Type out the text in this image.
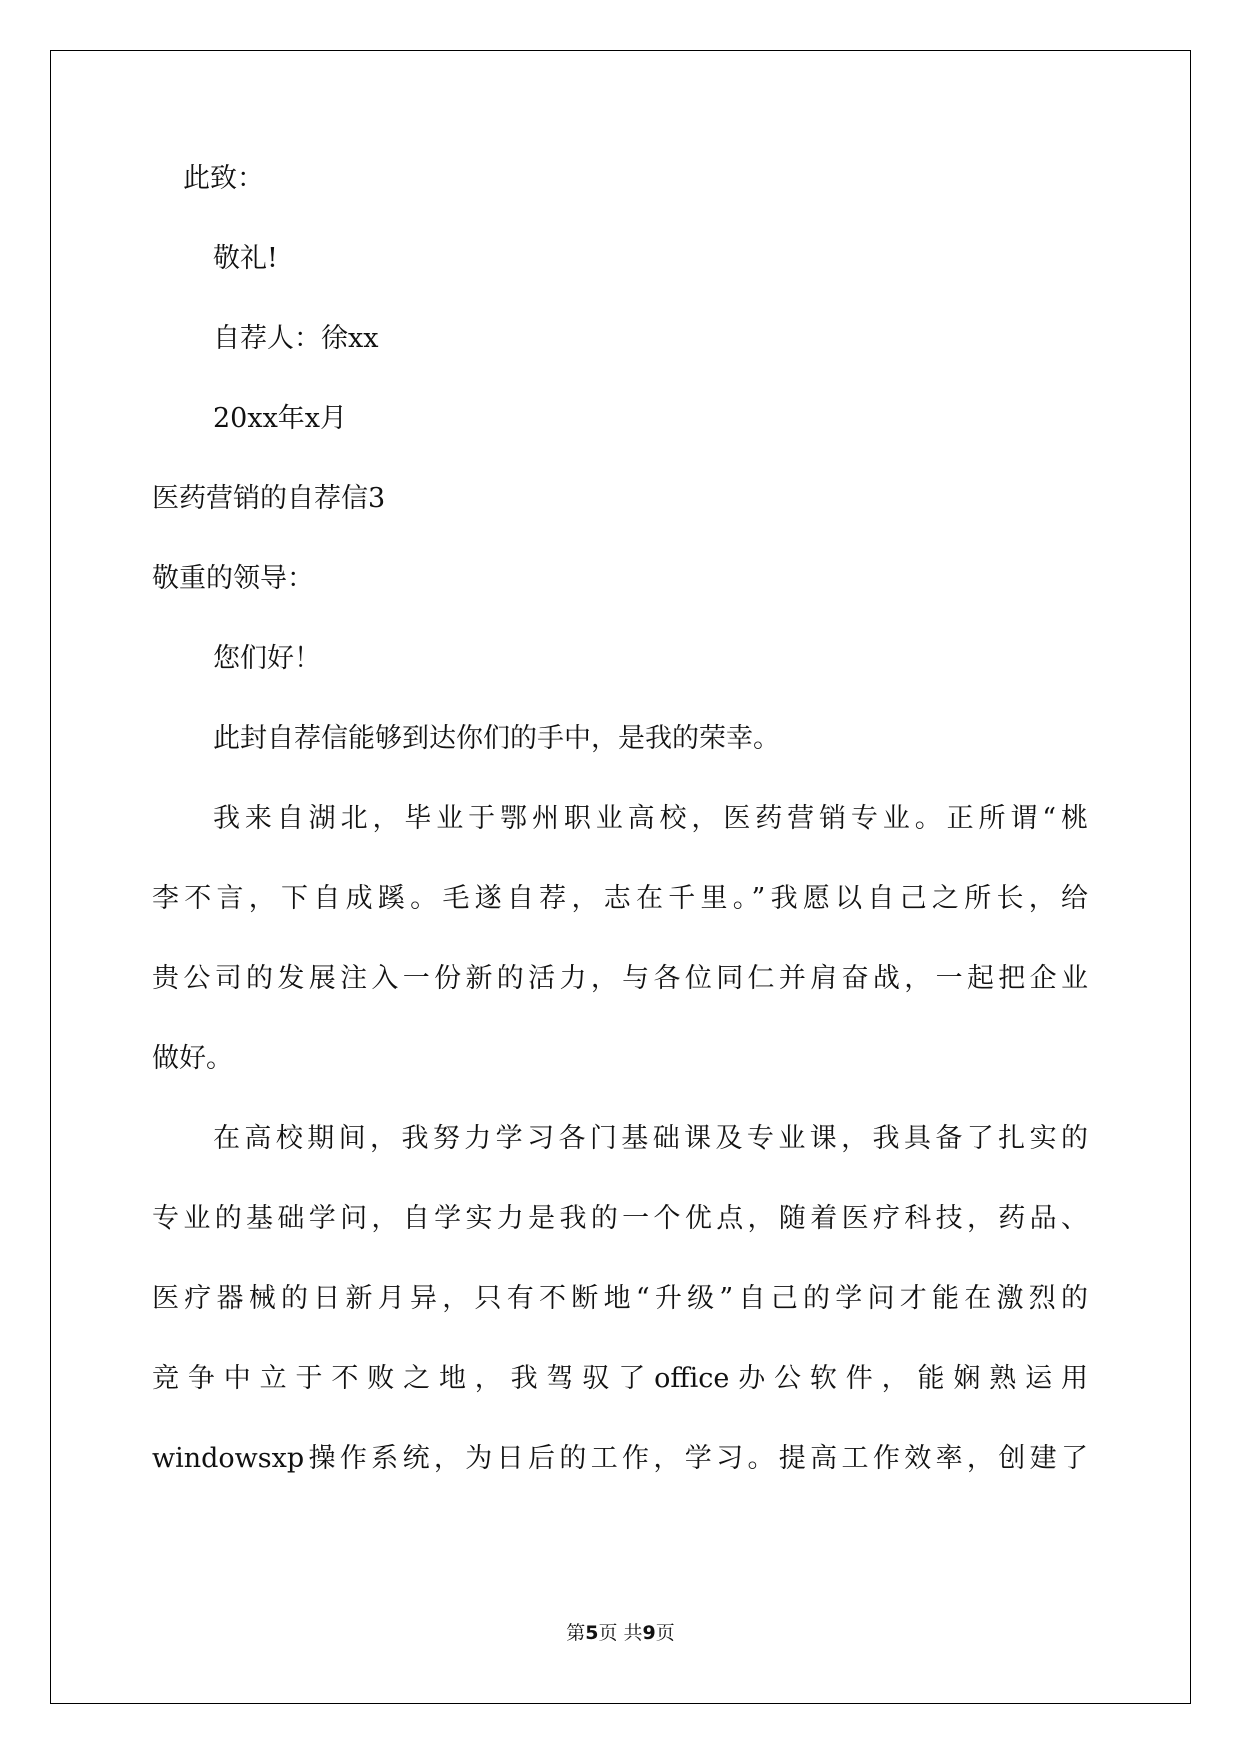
此致：
敬礼!
自荐人：徐xx
20xx年x月
医药营销的自荐信3
敬重的领导：
您们好！
此封自荐信能够到达你们的手中，是我的荣幸。
我来自湖北，毕业于鄂州职业高校，医药营销专业。正所谓“桃
李不言，下自成蹊。毛遂自荐，志在千里。”我愿以自己之所长，给
贵公司的发展注入一份新的活力，与各位同仁并肩奋战，一起把企业
做好。
在高校期间，我努力学习各门基础课及专业课，我具备了扎实的
专业的基础学问，自学实力是我的一个优点，随着医疗科技，药品、
医疗器械的日新月异，只有不断地“升级”自己的学问才能在激烈的
竞争中立于不败之地，我驾驭了office办公软件，能娴熟运用
windowsxp操作系统，为日后的工作，学习。提高工作效率，创建了
第5页 共9页
